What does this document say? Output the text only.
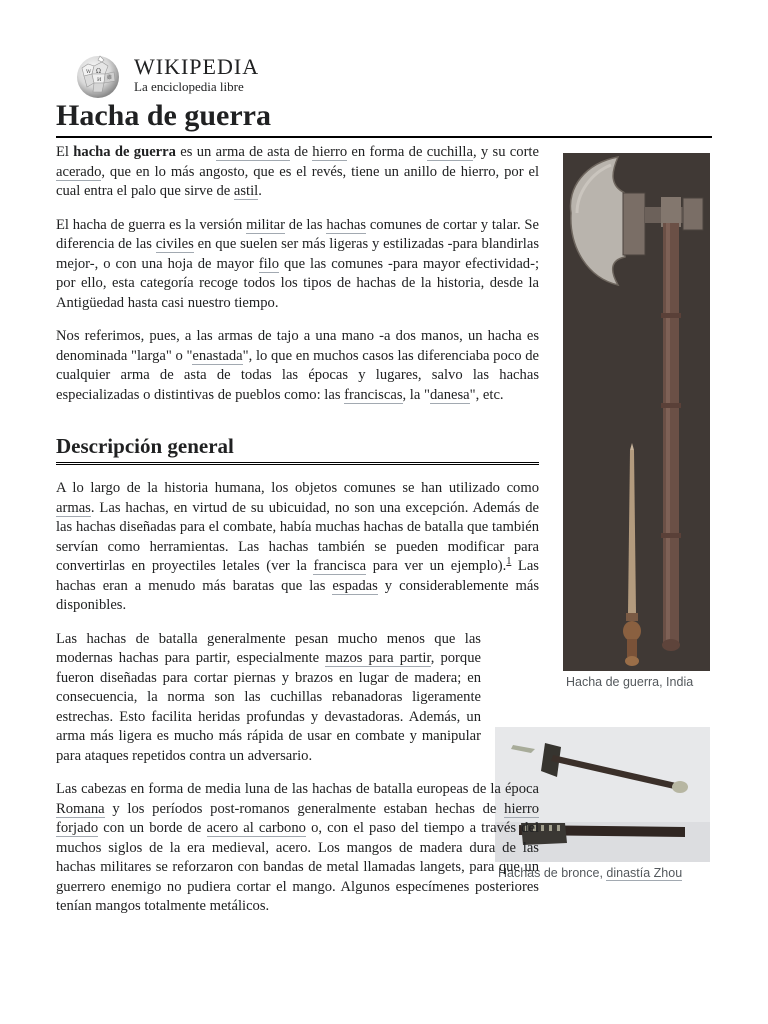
Ω
W
И 維 WIKIPEDIA
La enciclopedia libre
Hacha de guerra
Hacha de guerra, India
Hachas de bronce, dinastía Zhou

El hacha de guerra es un arma de asta de hierro en forma de cuchilla, y su corte acerado, que en lo más angosto, que es el revés, tiene un anillo de hierro, por el cual entra el palo que sirve de astil.

El hacha de guerra es la versión militar de las hachas comunes de cortar y talar. Se diferencia de las civiles en que suelen ser más ligeras y estilizadas -para blandirlas mejor-, o con una hoja de mayor filo que las comunes -para mayor efectividad-; por ello, esta categoría recoge todos los tipos de hachas de la historia, desde la Antigüedad hasta casi nuestro tiempo.

Nos referimos, pues, a las armas de tajo a una mano -a dos manos, un hacha es denominada "larga" o "enastada", lo que en muchos casos las diferenciaba poco de cualquier arma de asta de todas las épocas y lugares, salvo las hachas especializadas o distintivas de pueblos como: las franciscas, la "danesa", etc.

Descripción general

A lo largo de la historia humana, los objetos comunes se han utilizado como armas. Las hachas, en virtud de su ubicuidad, no son una excepción. Además de las hachas diseñadas para el combate, había muchas hachas de batalla que también servían como herramientas. Las hachas también se pueden modificar para convertirlas en proyectiles letales (ver la francisca para ver un ejemplo).$^1$ Las hachas eran a menudo más baratas que las espadas y considerablemente más disponibles.

Las hachas de batalla generalmente pesan mucho menos que las modernas hachas para partir, especialmente mazos para partir, porque fueron diseñadas para cortar piernas y brazos en lugar de madera; en consecuencia, la norma son las cuchillas rebanadoras ligeramente estrechas. Esto facilita heridas profundas y devastadoras. Además, un arma más ligera es mucho más rápida de usar en combate y manipular para ataques repetidos contra un adversario.

Las cabezas en forma de media luna de las hachas de batalla europeas de la época Romana y los períodos post-romanos generalmente estaban hechas de hierro forjado con un borde de acero al carbono o, con el paso del tiempo a través del muchos siglos de la era medieval, acero. Los mangos de madera dura de las hachas militares se reforzaron con bandas de metal llamadas langets, para que un guerrero enemigo no pudiera cortar el mango. Algunos especímenes posteriores tenían mangos totalmente metálicos.
